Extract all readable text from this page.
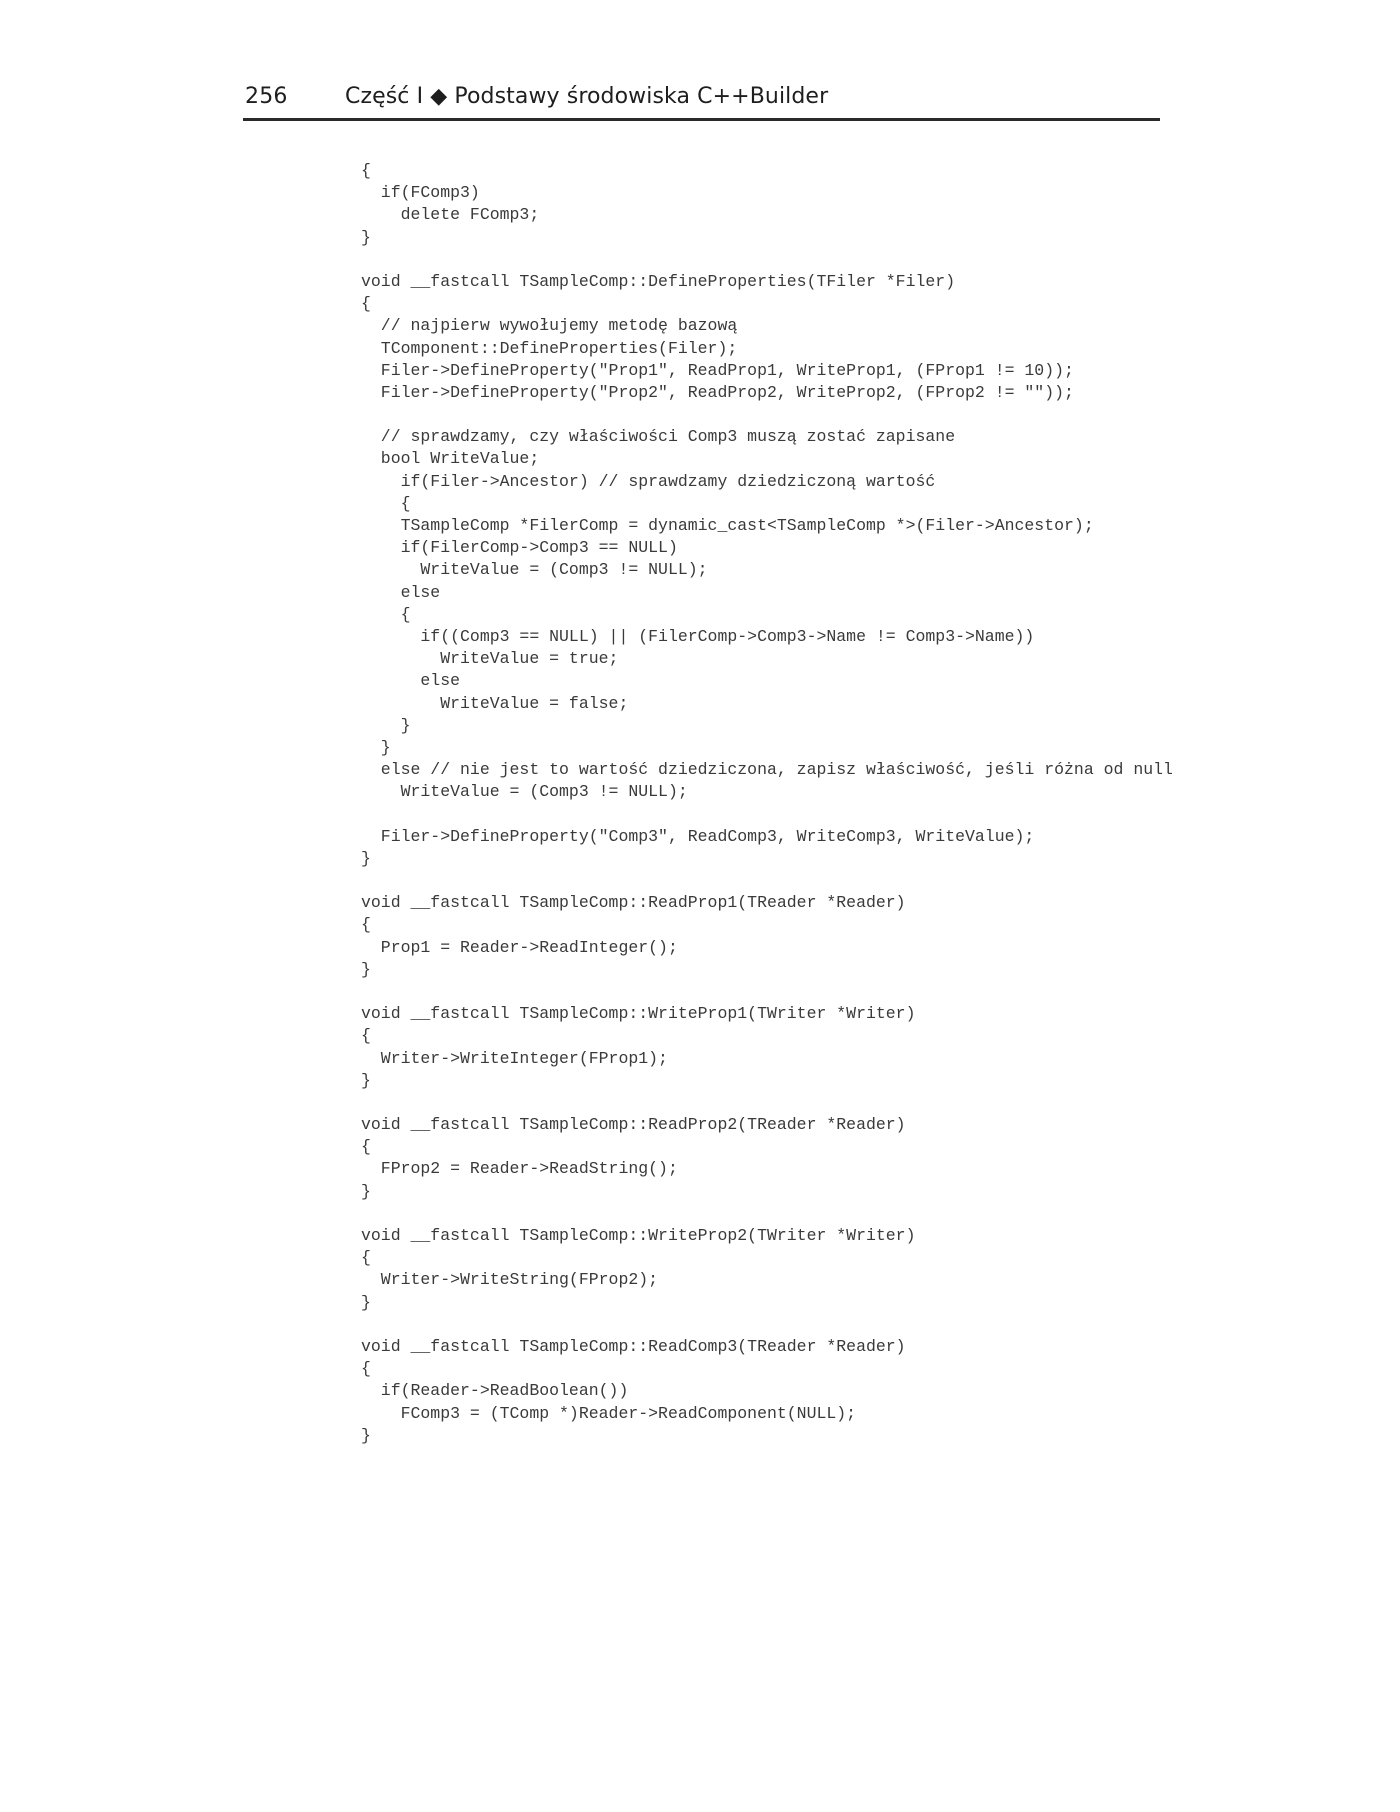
256	Część I ◆ Podstawy środowiska C++Builder
{
if(FComp3)
delete FComp3;
}
void __fastcall TSampleComp::DefineProperties(TFiler *Filer)
{
// najpierw wywołujemy metodę bazową
TComponent::DefineProperties(Filer);
Filer->DefineProperty("Prop1", ReadProp1, WriteProp1, (FProp1 != 10));
Filer->DefineProperty("Prop2", ReadProp2, WriteProp2, (FProp2 != ""));
// sprawdzamy, czy właściwości Comp3 muszą zostać zapisane
bool WriteValue;
if(Filer->Ancestor) // sprawdzamy dziedziczoną wartość
{
TSampleComp *FilerComp = dynamic_cast<TSampleComp *>(Filer->Ancestor);
if(FilerComp->Comp3 == NULL)
WriteValue = (Comp3 != NULL);
else
{
if((Comp3 == NULL) || (FilerComp->Comp3->Name != Comp3->Name))
WriteValue = true;
else
WriteValue = false;
}
}
else // nie jest to wartość dziedziczona, zapisz właściwość, jeśli różna od null
WriteValue = (Comp3 != NULL);
Filer->DefineProperty("Comp3", ReadComp3, WriteComp3, WriteValue);
}
void __fastcall TSampleComp::ReadProp1(TReader *Reader)
{
Prop1 = Reader->ReadInteger();
}
void __fastcall TSampleComp::WriteProp1(TWriter *Writer)
{
Writer->WriteInteger(FProp1);
}
void __fastcall TSampleComp::ReadProp2(TReader *Reader)
{
FProp2 = Reader->ReadString();
}
void __fastcall TSampleComp::WriteProp2(TWriter *Writer)
{
Writer->WriteString(FProp2);
}
void __fastcall TSampleComp::ReadComp3(TReader *Reader)
{
if(Reader->ReadBoolean())
FComp3 = (TComp *)Reader->ReadComponent(NULL);
}
